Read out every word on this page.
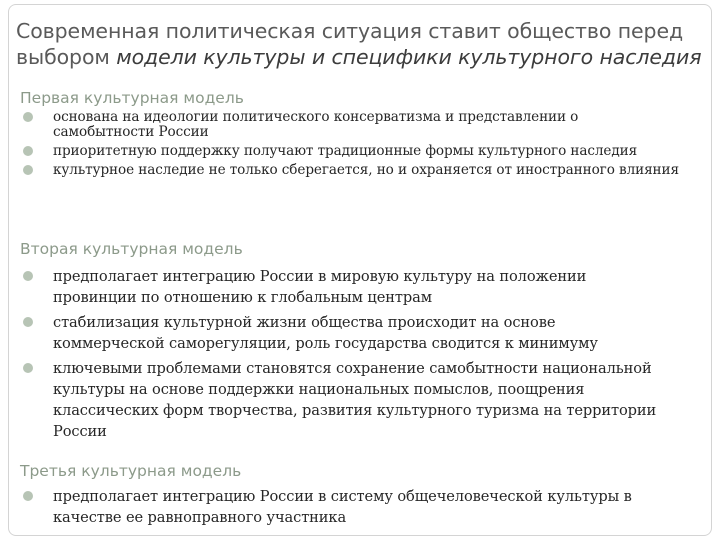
Современная политическая ситуация ставит общество перед
выбором модели культуры и специфики культурного наследия
Первая культурная модель
основана на идеологии политического консерватизма и представлении о самобытности России
приоритетную поддержку получают традиционные формы культурного наследия
культурное наследие не только сберегается, но и охраняется от иностранного влияния
Вторая культурная модель
предполагает интеграцию России в мировую культуру на положении провинции по отношению к глобальным центрам
стабилизация культурной жизни общества происходит на основе коммерческой саморегуляции, роль государства сводится к минимуму
ключевыми проблемами становятся сохранение самобытности национальной культуры на основе поддержки национальных помыслов, поощрения классических форм творчества, развития культурного туризма на территории России
Третья культурная модель
предполагает интеграцию России в систему общечеловеческой культуры в качестве ее равноправного участника
